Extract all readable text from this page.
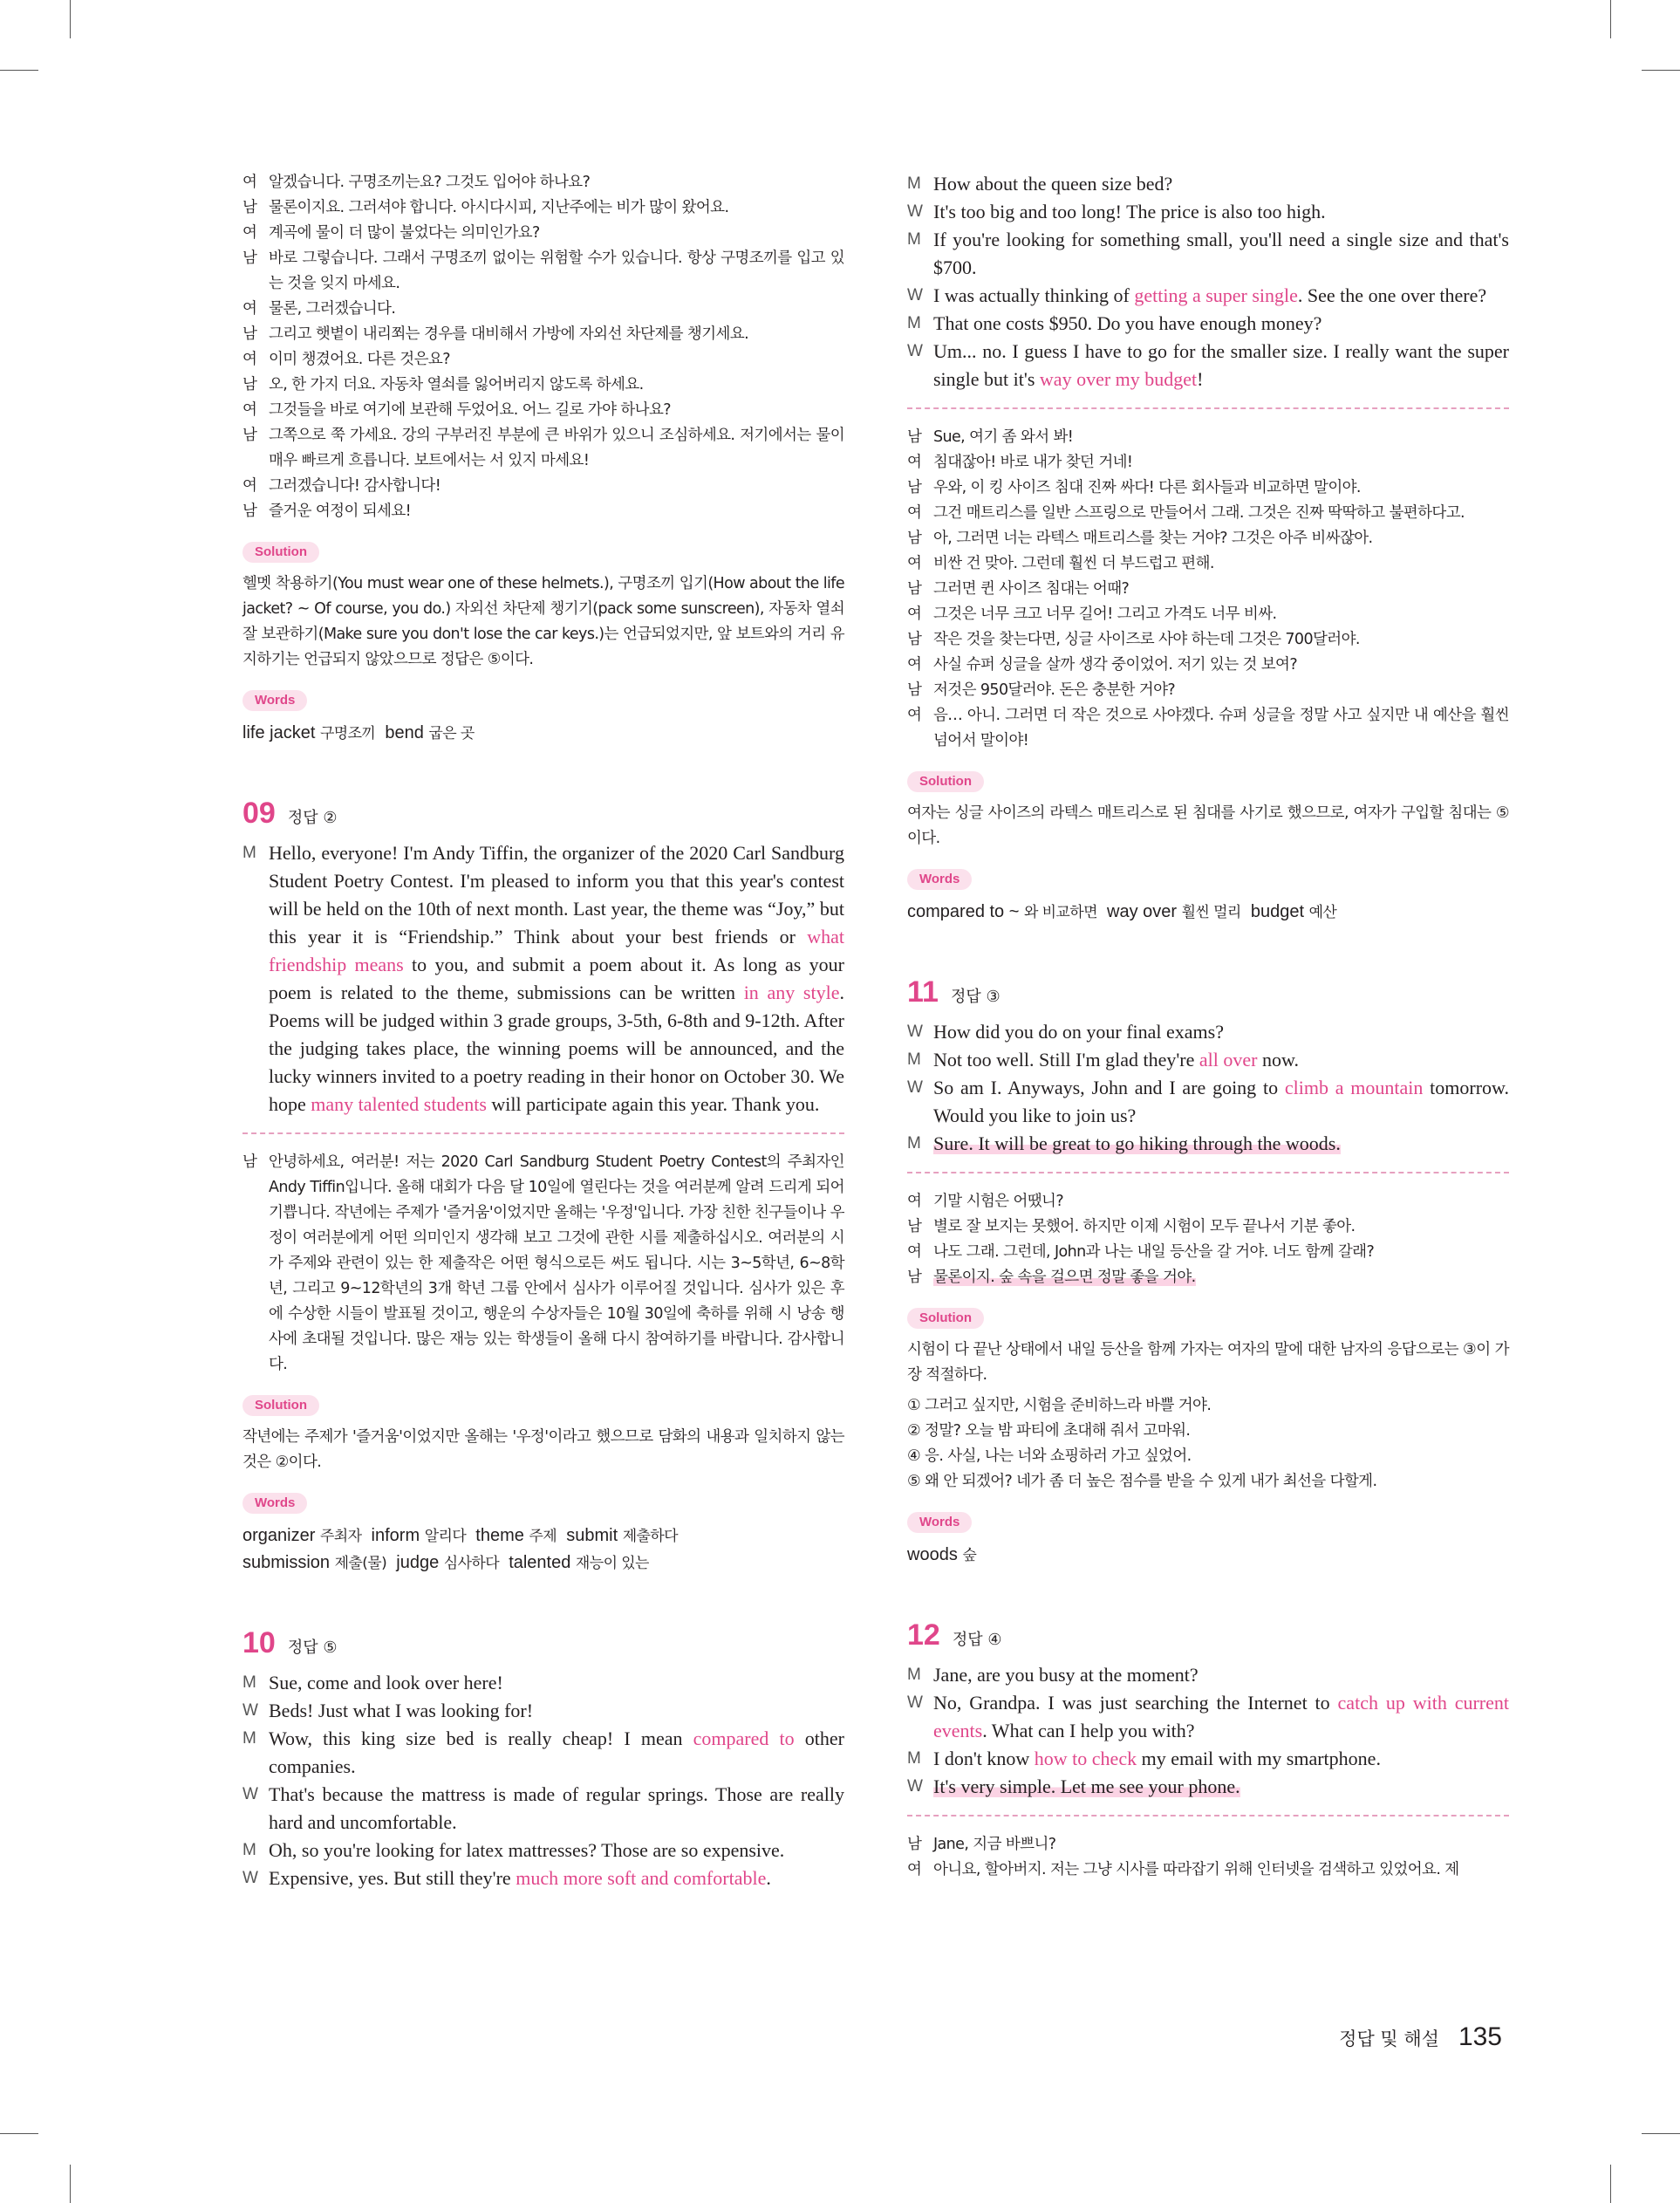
여 알겠습니다. 구명조끼는요? 그것도 입어야 하나요?
남 물론이지요. 그러셔야 합니다. 아시다시피, 지난주에는 비가 많이 왔어요.
여 계곡에 물이 더 많이 불었다는 의미인가요?
남 바로 그렇습니다. 그래서 구명조끼 없이는 위험할 수가 있습니다. 항상 구명조끼를 입고 있는 것을 잊지 마세요.
여 물론, 그러겠습니다.
남 그리고 햇볕이 내리쬐는 경우를 대비해서 가방에 자외선 차단제를 챙기세요.
여 이미 챙겼어요. 다른 것은요?
남 오, 한 가지 더요. 자동차 열쇠를 잃어버리지 않도록 하세요.
여 그것들을 바로 여기에 보관해 두었어요. 어느 길로 가야 하나요?
남 그쪽으로 쭉 가세요. 강의 구부러진 부분에 큰 바위가 있으니 조심하세요. 저기에서는 물이 매우 빠르게 흐릅니다. 보트에서는 서 있지 마세요!
여 그러겠습니다! 감사합니다!
남 즐거운 여정이 되세요!
Solution
헬멧 착용하기(You must wear one of these helmets.), 구명조끼 입기(How about the life jacket? ~ Of course, you do.) 자외선 차단제 챙기기(pack some sunscreen), 자동차 열쇠 잘 보관하기(Make sure you don't lose the car keys.)는 언급되었지만, 앞 보트와의 거리 유지하기는 언급되지 않았으므로 정답은 ⑤이다.
Words
life jacket 구명조끼 bend 굽은 곳
09 정답 ②
M Hello, everyone! I'm Andy Tiffin, the organizer of the 2020 Carl Sandburg Student Poetry Contest. I'm pleased to inform you that this year's contest will be held on the 10th of next month. Last year, the theme was “Joy,” but this year it is “Friendship.” Think about your best friends or what friendship means to you, and submit a poem about it. As long as your poem is related to the theme, submissions can be written in any style. Poems will be judged within 3 grade groups, 3-5th, 6-8th and 9-12th. After the judging takes place, the winning poems will be announced, and the lucky winners invited to a poetry reading in their honor on October 30. We hope many talented students will participate again this year. Thank you.
남 안녕하세요, 여러분! 저는 2020 Carl Sandburg Student Poetry Contest의 주최자인 Andy Tiffin입니다. 올해 대회가 다음 달 10일에 열린다는 것을 여러분께 알려 드리게 되어 기쁩니다. 작년에는 주제가 '즐거움'이었지만 올해는 '우정'입니다. 가장 친한 친구들이나 우정이 여러분에게 어떤 의미인지 생각해 보고 그것에 관한 시를 제출하십시오. 여러분의 시가 주제와 관련이 있는 한 제출작은 어떤 형식으로든 써도 됩니다. 시는 3~5학년, 6~8학년, 그리고 9~12학년의 3개 학년 그룹 안에서 심사가 이루어질 것입니다. 심사가 있은 후에 수상한 시들이 발표될 것이고, 행운의 수상자들은 10월 30일에 축하를 위해 시 낭송 행사에 초대될 것입니다. 많은 재능 있는 학생들이 올해 다시 참여하기를 바랍니다. 감사합니다.
Solution
작년에는 주제가 '즐거움'이었지만 올해는 '우정'이라고 했으므로 담화의 내용과 일치하지 않는 것은 ②이다.
Words
organizer 주최자 inform 알리다 theme 주제 submit 제출하다
submission 제출(물) judge 심사하다 talented 재능이 있는
10 정답 ⑤
M Sue, come and look over here!
W Beds! Just what I was looking for!
M Wow, this king size bed is really cheap! I mean compared to other companies.
W That's because the mattress is made of regular springs. Those are really hard and uncomfortable.
M Oh, so you're looking for latex mattresses? Those are so expensive.
W Expensive, yes. But still they're much more soft and comfortable.
M How about the queen size bed?
W It's too big and too long! The price is also too high.
M If you're looking for something small, you'll need a single size and that's $700.
W I was actually thinking of getting a super single. See the one over there?
M That one costs $950. Do you have enough money?
W Um... no. I guess I have to go for the smaller size. I really want the super single but it's way over my budget!
남 Sue, 여기 좀 와서 봐!
여 침대잖아! 바로 내가 찾던 거네!
남 우와, 이 킹 사이즈 침대 진짜 싸다! 다른 회사들과 비교하면 말이야.
여 그건 매트리스를 일반 스프링으로 만들어서 그래. 그것은 진짜 딱딱하고 불편하다고.
남 아, 그러면 너는 라텍스 매트리스를 찾는 거야? 그것은 아주 비싸잖아.
여 비싼 건 맞아. 그런데 훨씬 더 부드럽고 편해.
남 그러면 퀸 사이즈 침대는 어때?
여 그것은 너무 크고 너무 길어! 그리고 가격도 너무 비싸.
남 작은 것을 찾는다면, 싱글 사이즈로 사야 하는데 그것은 700달러야.
여 사실 슈퍼 싱글을 살까 생각 중이었어. 저기 있는 것 보여?
남 저것은 950달러야. 돈은 충분한 거야?
여 음… 아니. 그러면 더 작은 것으로 사야겠다. 슈퍼 싱글을 정말 사고 싶지만 내 예산을 훨씬 넘어서 말이야!
Solution
여자는 싱글 사이즈의 라텍스 매트리스로 된 침대를 사기로 했으므로, 여자가 구입할 침대는 ⑤이다.
Words
compared to ~ 와 비교하면 way over 훨씬 멀리 budget 예산
11 정답 ③
W How did you do on your final exams?
M Not too well. Still I'm glad they're all over now.
W So am I. Anyways, John and I are going to climb a mountain tomorrow. Would you like to join us?
M Sure. It will be great to go hiking through the woods.
여 기말 시험은 어땠니?
남 별로 잘 보지는 못했어. 하지만 이제 시험이 모두 끝나서 기분 좋아.
여 나도 그래. 그런데, John과 나는 내일 등산을 갈 거야. 너도 함께 갈래?
남 물론이지. 숲 속을 걸으면 정말 좋을 거야.
Solution
시험이 다 끝난 상태에서 내일 등산을 함께 가자는 여자의 말에 대한 남자의 응답으로는 ③이 가장 적절하다.
① 그러고 싶지만, 시험을 준비하느라 바쁠 거야.
② 정말? 오늘 밤 파티에 초대해 줘서 고마워.
④ 응. 사실, 나는 너와 쇼핑하러 가고 싶었어.
⑤ 왜 안 되겠어? 네가 좀 더 높은 점수를 받을 수 있게 내가 최선을 다할게.
Words
woods 숲
12 정답 ④
M Jane, are you busy at the moment?
W No, Grandpa. I was just searching the Internet to catch up with current events. What can I help you with?
M I don't know how to check my email with my smartphone.
W It's very simple. Let me see your phone.
남 Jane, 지금 바쁘니?
여 아니요, 할아버지. 저는 그냥 시사를 따라잡기 위해 인터넷을 검색하고 있었어요. 제
정답 및 해설 135
